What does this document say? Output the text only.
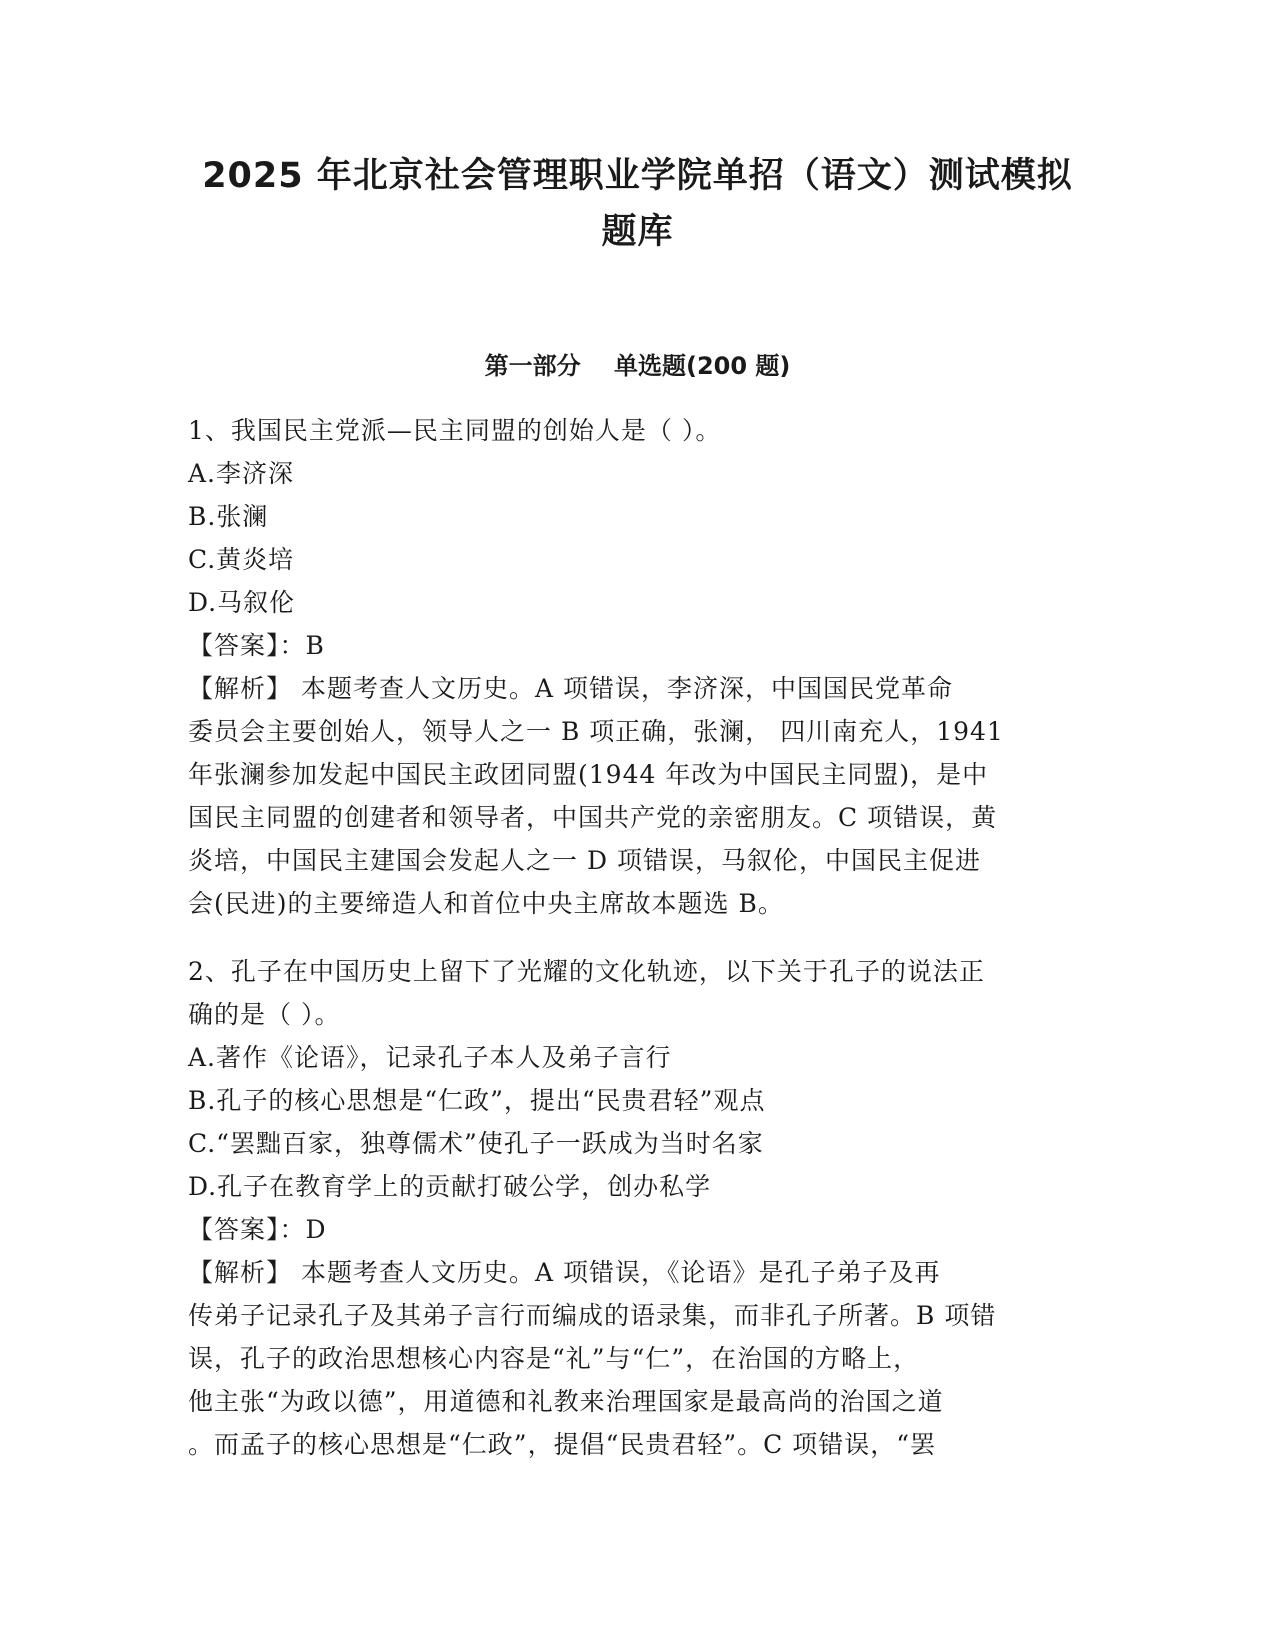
2025 年北京社会管理职业学院单招（语文）测试模拟
题库
第一部分    单选题(200 题)
1、我国民主党派—民主同盟的创始人是（ ）。
A.李济深
B.张澜
C.黄炎培
D.马叙伦
【答案】：B
【解析】 本题考查人文历史。A 项错误，李济深，中国国民党革命
委员会主要创始人，领导人之一 B 项正确，张澜， 四川南充人，1941
年张澜参加发起中国民主政团同盟(1944 年改为中国民主同盟)，是中
国民主同盟的创建者和领导者，中国共产党的亲密朋友。C 项错误，黄
炎培，中国民主建国会发起人之一 D 项错误，马叙伦，中国民主促进
会(民进)的主要缔造人和首位中央主席故本题选 B。
2、孔子在中国历史上留下了光耀的文化轨迹，以下关于孔子的说法正
确的是（ ）。
A.著作《论语》，记录孔子本人及弟子言行
B.孔子的核心思想是“仁政”，提出“民贵君轻”观点
C.“罢黜百家，独尊儒术”使孔子一跃成为当时名家
D.孔子在教育学上的贡献打破公学，创办私学
【答案】：D
【解析】 本题考查人文历史。A 项错误，《论语》是孔子弟子及再
传弟子记录孔子及其弟子言行而编成的语录集，而非孔子所著。B 项错
误，孔子的政治思想核心内容是“礼”与“仁”，在治国的方略上，
他主张“为政以德”，用道德和礼教来治理国家是最高尚的治国之道
。而孟子的核心思想是“仁政”，提倡“民贵君轻”。C 项错误，“罢
